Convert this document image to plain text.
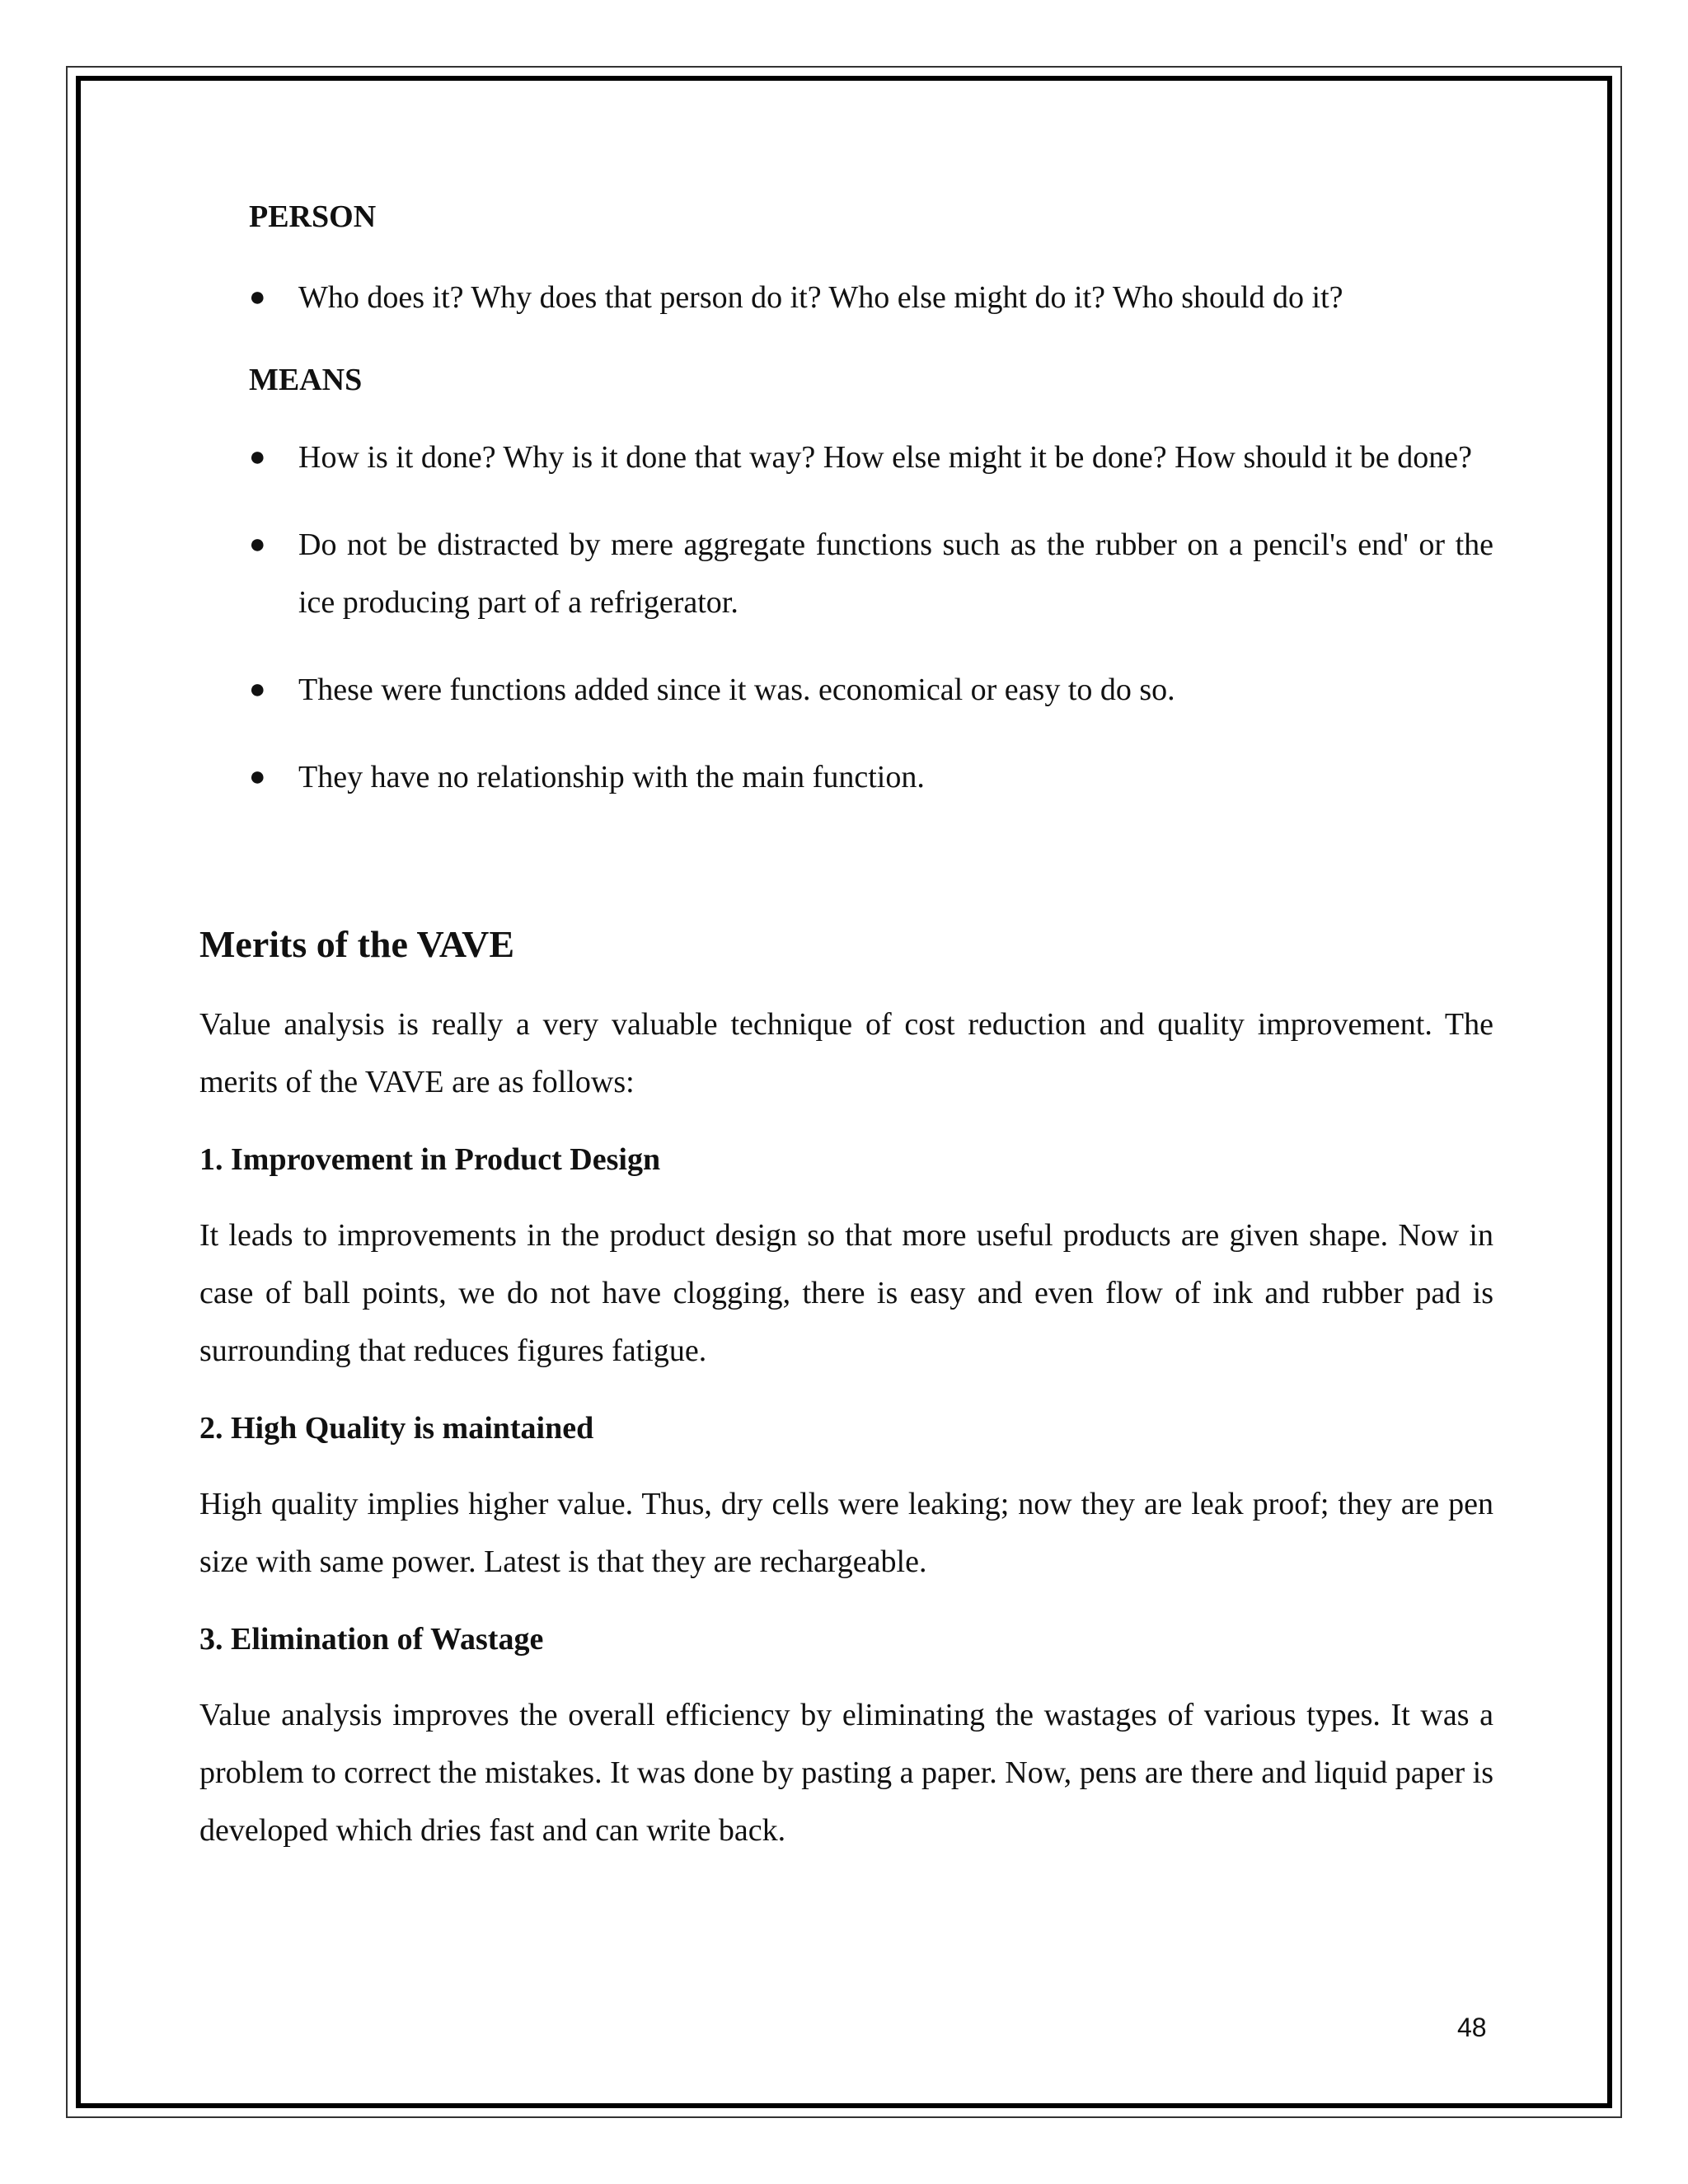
PERSON

● Who does it? Why does that person do it? Who else might do it? Who should do it?

MEANS

● How is it done? Why is it done that way? How else might it be done? How should it be done?
● Do not be distracted by mere aggregate functions such as the rubber on a pencil's end' or the ice producing part of a refrigerator.
● These were functions added since it was. economical or easy to do so.
● They have no relationship with the main function.
Merits of the VAVE

Value analysis is really a very valuable technique of cost reduction and quality improvement. The merits of the VAVE are as follows:

1. Improvement in Product Design

It leads to improvements in the product design so that more useful products are given shape. Now in case of ball points, we do not have clogging, there is easy and even flow of ink and rubber pad is surrounding that reduces figures fatigue.

2. High Quality is maintained

High quality implies higher value. Thus, dry cells were leaking; now they are leak proof; they are pen size with same power. Latest is that they are rechargeable.

3. Elimination of Wastage

Value analysis improves the overall efficiency by eliminating the wastages of various types. It was a problem to correct the mistakes. It was done by pasting a paper. Now, pens are there and liquid paper is developed which dries fast and can write back.

48
